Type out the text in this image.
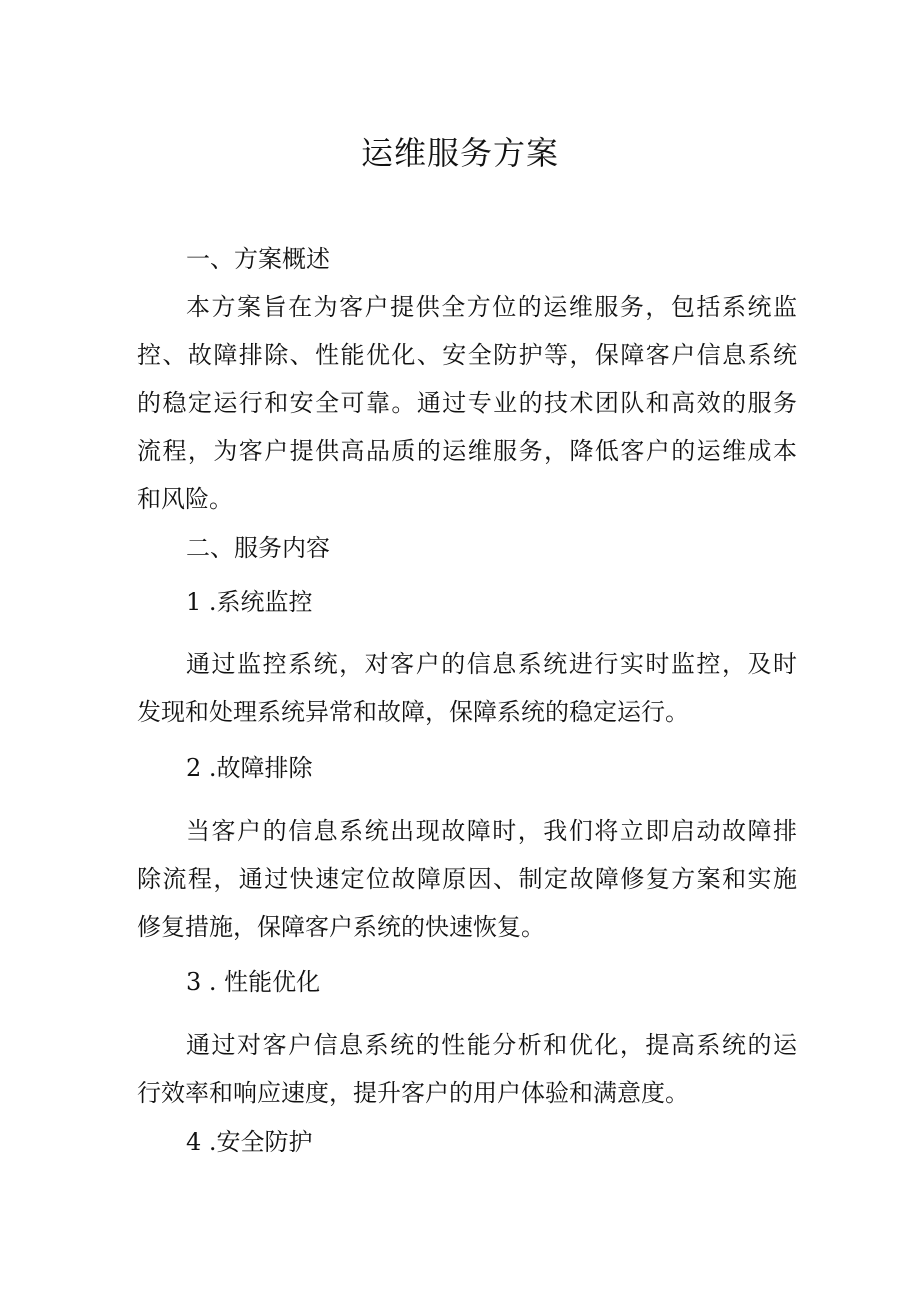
运维服务方案
一、方案概述
本方案旨在为客户提供全方位的运维服务，包括系统监
控、故障排除、性能优化、安全防护等，保障客户信息系统
的稳定运行和安全可靠。通过专业的技术团队和高效的服务
流程，为客户提供高品质的运维服务，降低客户的运维成本
和风险。
二、服务内容
1 .系统监控
通过监控系统，对客户的信息系统进行实时监控，及时
发现和处理系统异常和故障，保障系统的稳定运行。
2 .故障排除
当客户的信息系统出现故障时，我们将立即启动故障排
除流程，通过快速定位故障原因、制定故障修复方案和实施
修复措施，保障客户系统的快速恢复。
3 . 性能优化
通过对客户信息系统的性能分析和优化，提高系统的运
行效率和响应速度，提升客户的用户体验和满意度。
4 .安全防护
